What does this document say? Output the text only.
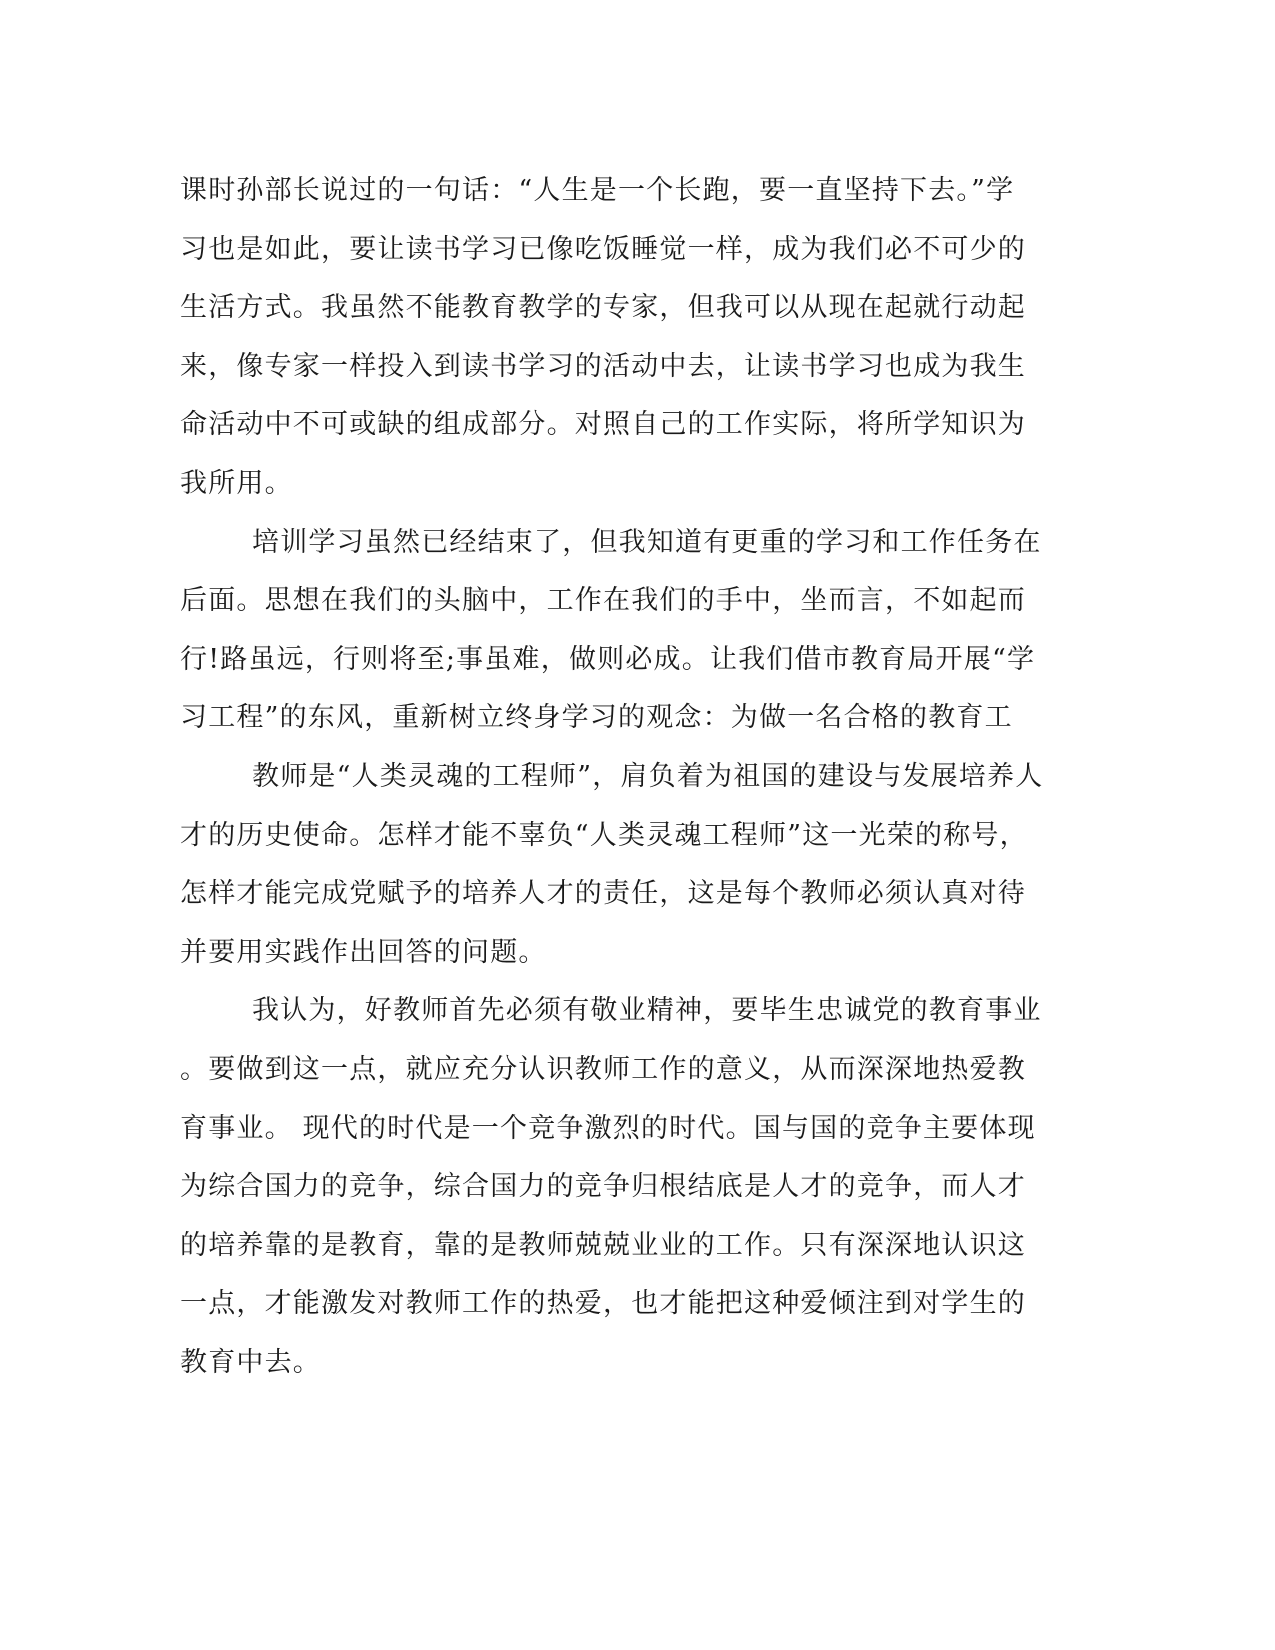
课时孙部长说过的一句话：“人生是一个长跑，要一直坚持下去。”学
习也是如此，要让读书学习已像吃饭睡觉一样，成为我们必不可少的
生活方式。我虽然不能教育教学的专家，但我可以从现在起就行动起
来，像专家一样投入到读书学习的活动中去，让读书学习也成为我生
命活动中不可或缺的组成部分。对照自己的工作实际，将所学知识为
我所用。
培训学习虽然已经结束了，但我知道有更重的学习和工作任务在
后面。思想在我们的头脑中，工作在我们的手中，坐而言，不如起而
行!路虽远，行则将至;事虽难，做则必成。让我们借市教育局开展“学
习工程”的东风，重新树立终身学习的观念：为做一名合格的教育工
教师是“人类灵魂的工程师”，肩负着为祖国的建设与发展培养人
才的历史使命。怎样才能不辜负“人类灵魂工程师”这一光荣的称号，
怎样才能完成党赋予的培养人才的责任，这是每个教师必须认真对待
并要用实践作出回答的问题。
我认为，好教师首先必须有敬业精神，要毕生忠诚党的教育事业
。要做到这一点，就应充分认识教师工作的意义，从而深深地热爱教
育事业。 现代的时代是一个竞争激烈的时代。国与国的竞争主要体现
为综合国力的竞争，综合国力的竞争归根结底是人才的竞争，而人才
的培养靠的是教育，靠的是教师兢兢业业的工作。只有深深地认识这
一点，才能激发对教师工作的热爱，也才能把这种爱倾注到对学生的
教育中去。
